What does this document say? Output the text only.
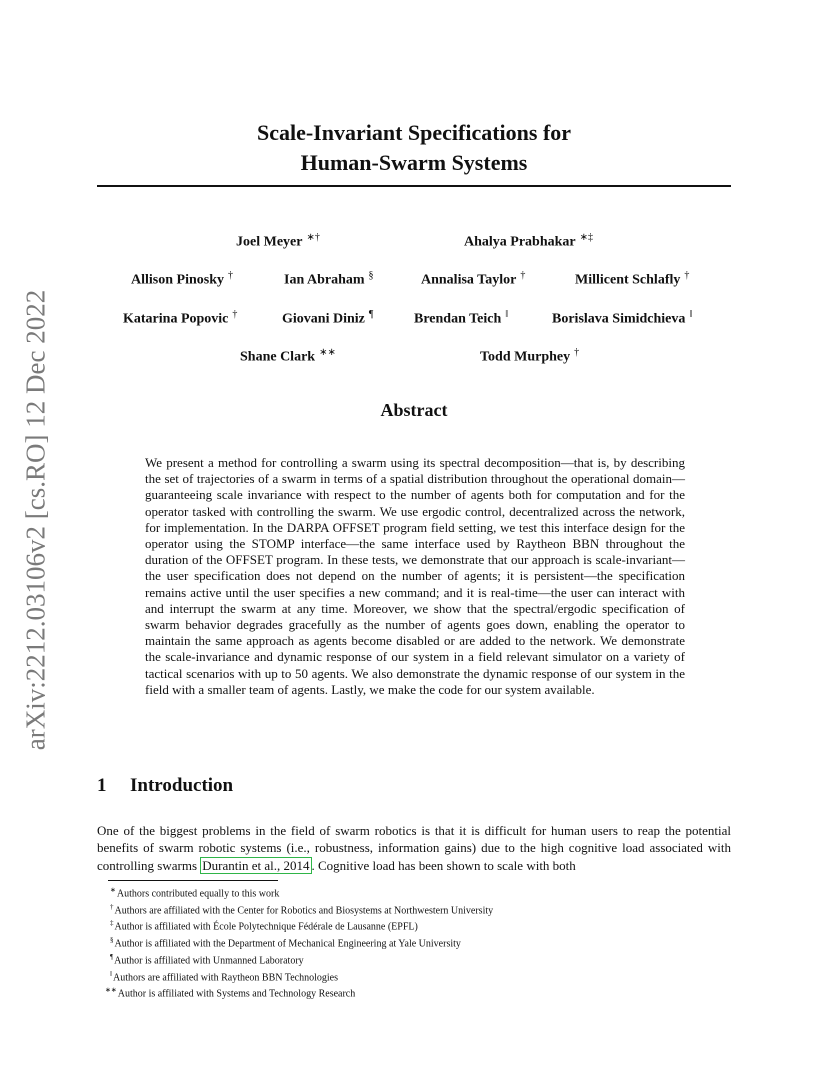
arXiv:2212.03106v2 [cs.RO] 12 Dec 2022
Scale-Invariant Specifications for
Human-Swarm Systems
Joel Meyer ∗†	Ahalya Prabhakar ∗‡
Allison Pinosky †	Ian Abraham §	Annalisa Taylor †	Millicent Schlafly †
Katarina Popovic †	Giovani Diniz ¶	Brendan Teich ‖	Borislava Simidchieva ‖
Shane Clark ∗∗	Todd Murphey †
Abstract
We present a method for controlling a swarm using its spectral decomposition—that is, by describing the set of trajectories of a swarm in terms of a spatial distribution throughout the operational domain—guaranteeing scale invariance with respect to the number of agents both for computation and for the operator tasked with controlling the swarm. We use ergodic control, decentralized across the network, for implementation. In the DARPA OFFSET program field setting, we test this interface design for the operator using the STOMP interface—the same interface used by Raytheon BBN throughout the duration of the OFFSET program. In these tests, we demonstrate that our approach is scale-invariant—the user specification does not depend on the number of agents; it is persistent—the specification remains active until the user specifies a new command; and it is real-time—the user can interact with and interrupt the swarm at any time. Moreover, we show that the spectral/ergodic specification of swarm behavior degrades gracefully as the number of agents goes down, enabling the operator to maintain the same approach as agents become disabled or are added to the network. We demonstrate the scale-invariance and dynamic response of our system in a field relevant simulator on a variety of tactical scenarios with up to 50 agents. We also demonstrate the dynamic response of our system in the field with a smaller team of agents. Lastly, we make the code for our system available.
1 Introduction
One of the biggest problems in the field of swarm robotics is that it is difficult for human users to reap the potential benefits of swarm robotic systems (i.e., robustness, information gains) due to the high cognitive load associated with controlling swarms Durantin et al., 2014 . Cognitive load has been shown to scale with both
∗Authors contributed equally to this work
†Authors are affiliated with the Center for Robotics and Biosystems at Northwestern University
‡Author is affiliated with École Polytechnique Fédérale de Lausanne (EPFL)
§Author is affiliated with the Department of Mechanical Engineering at Yale University
¶Author is affiliated with Unmanned Laboratory
‖Authors are affiliated with Raytheon BBN Technologies
∗∗Author is affiliated with Systems and Technology Research
